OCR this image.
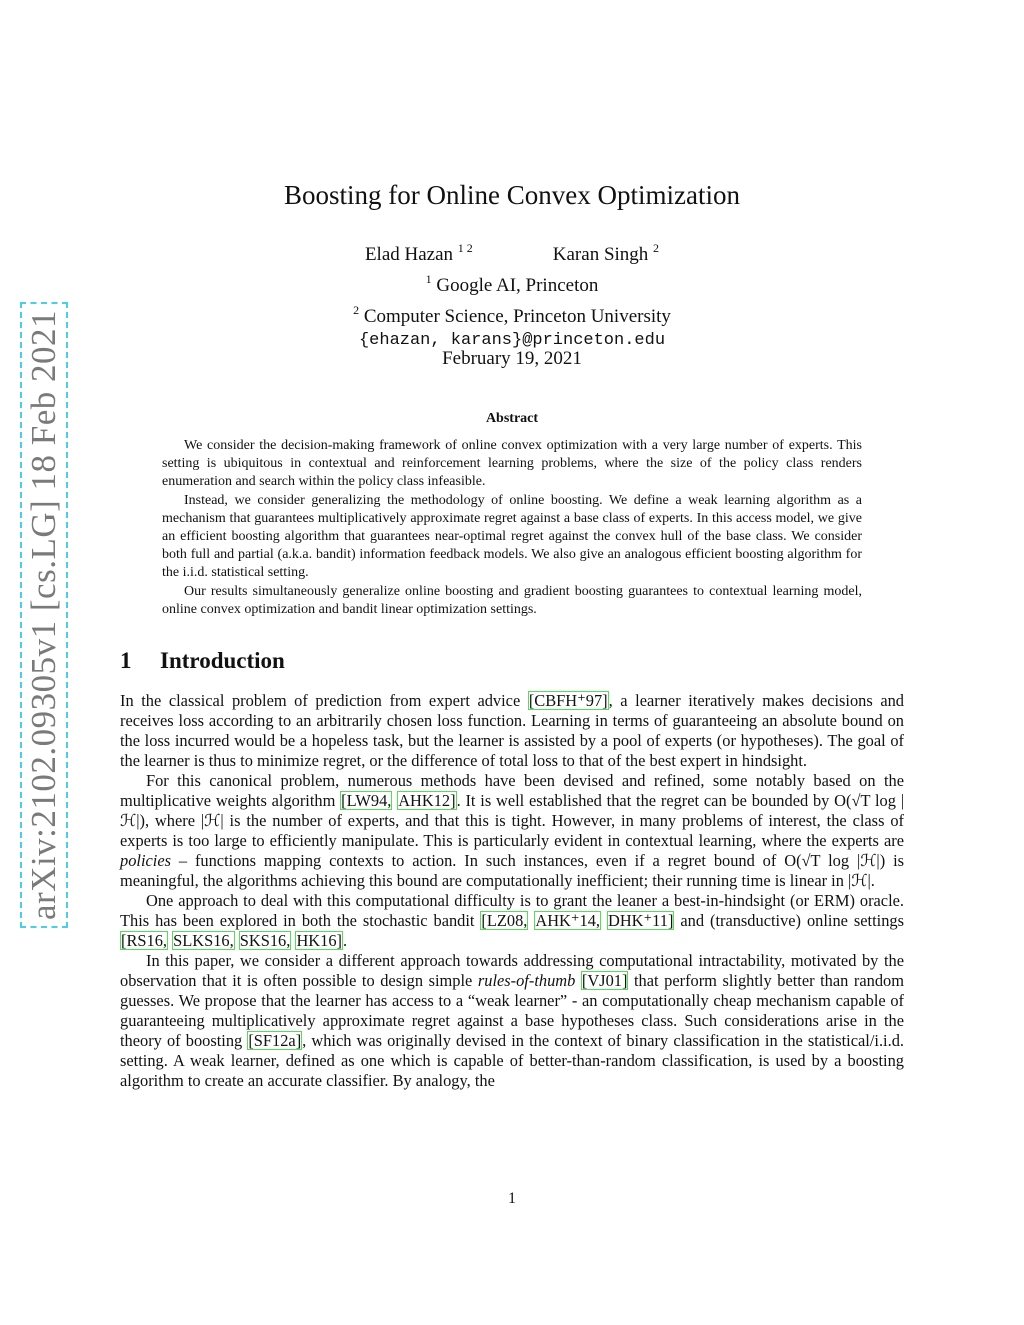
arXiv:2102.09305v1 [cs.LG] 18 Feb 2021
Boosting for Online Convex Optimization
Elad Hazan $^{1 2}$	Karan Singh $^2$
$^1$ Google AI, Princeton
$^2$ Computer Science, Princeton University
{ehazan, karans}@princeton.edu
February 19, 2021
Abstract

We consider the decision-making framework of online convex optimization with a very large number of experts. This setting is ubiquitous in contextual and reinforcement learning problems, where the size of the policy class renders enumeration and search within the policy class infeasible.

Instead, we consider generalizing the methodology of online boosting. We define a weak learning algorithm as a mechanism that guarantees multiplicatively approximate regret against a base class of experts. In this access model, we give an efficient boosting algorithm that guarantees near-optimal regret against the convex hull of the base class. We consider both full and partial (a.k.a. bandit) information feedback models. We also give an analogous efficient boosting algorithm for the i.i.d. statistical setting.

Our results simultaneously generalize online boosting and gradient boosting guarantees to contextual learning model, online convex optimization and bandit linear optimization settings.

1 Introduction

In the classical problem of prediction from expert advice [CBFH⁺97], a learner iteratively makes decisions and receives loss according to an arbitrarily chosen loss function. Learning in terms of guaranteeing an absolute bound on the loss incurred would be a hopeless task, but the learner is assisted by a pool of experts (or hypotheses). The goal of the learner is thus to minimize regret, or the difference of total loss to that of the best expert in hindsight.

For this canonical problem, numerous methods have been devised and refined, some notably based on the multiplicative weights algorithm [LW94, AHK12]. It is well established that the regret can be bounded by O(√T log |ℋ|), where |ℋ| is the number of experts, and that this is tight. However, in many problems of interest, the class of experts is too large to efficiently manipulate. This is particularly evident in contextual learning, where the experts are policies – functions mapping contexts to action. In such instances, even if a regret bound of O(√T log |ℋ|) is meaningful, the algorithms achieving this bound are computationally inefficient; their running time is linear in |ℋ|.

One approach to deal with this computational difficulty is to grant the leaner a best-in-hindsight (or ERM) oracle. This has been explored in both the stochastic bandit [LZ08, AHK⁺14, DHK⁺11] and (transductive) online settings [RS16, SLKS16, SKS16, HK16].

In this paper, we consider a different approach towards addressing computational intractability, motivated by the observation that it is often possible to design simple rules-of-thumb [VJ01] that perform slightly better than random guesses. We propose that the learner has access to a “weak learner” - an computationally cheap mechanism capable of guaranteeing multiplicatively approximate regret against a base hypotheses class. Such considerations arise in the theory of boosting [SF12a], which was originally devised in the context of binary classification in the statistical/i.i.d. setting. A weak learner, defined as one which is capable of better-than-random classification, is used by a boosting algorithm to create an accurate classifier. By analogy, the

1
